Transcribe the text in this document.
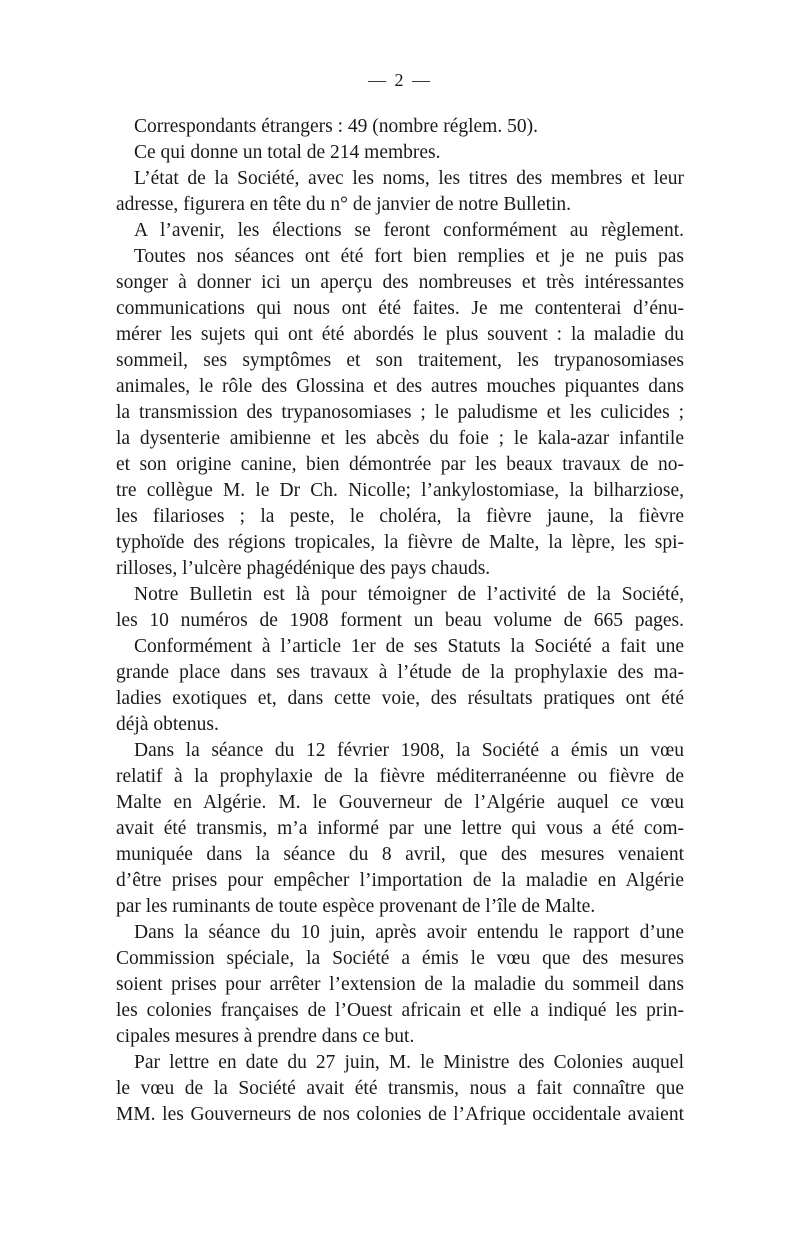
— 2 —
Correspondants étrangers : 49 (nombre réglem. 50).
Ce qui donne un total de 214 membres.
L’état de la Société, avec les noms, les titres des membres et leur
adresse, figurera en tête du n° de janvier de notre Bulletin.
A l’avenir, les élections se feront conformément au règlement.
Toutes nos séances ont été fort bien remplies et je ne puis pas
songer à donner ici un aperçu des nombreuses et très intéressantes
communications qui nous ont été faites. Je me contenterai d’énu-
mérer les sujets qui ont été abordés le plus souvent : la maladie du
sommeil, ses symptômes et son traitement, les trypanosomiases
animales, le rôle des Glossina et des autres mouches piquantes dans
la transmission des trypanosomiases ; le paludisme et les culicides ;
la dysenterie amibienne et les abcès du foie ; le kala-azar infantile
et son origine canine, bien démontrée par les beaux travaux de no-
tre collègue M. le Dr Ch. Nicolle; l’ankylostomiase, la bilharziose,
les filarioses ; la peste, le choléra, la fièvre jaune, la fièvre
typhoïde des régions tropicales, la fièvre de Malte, la lèpre, les spi-
rilloses, l’ulcère phagédénique des pays chauds.
Notre Bulletin est là pour témoigner de l’activité de la Société,
les 10 numéros de 1908 forment un beau volume de 665 pages.
Conformément à l’article 1er de ses Statuts la Société a fait une
grande place dans ses travaux à l’étude de la prophylaxie des ma-
ladies exotiques et, dans cette voie, des résultats pratiques ont été
déjà obtenus.
Dans la séance du 12 février 1908, la Société a émis un vœu
relatif à la prophylaxie de la fièvre méditerranéenne ou fièvre de
Malte en Algérie. M. le Gouverneur de l’Algérie auquel ce vœu
avait été transmis, m’a informé par une lettre qui vous a été com-
muniquée dans la séance du 8 avril, que des mesures venaient
d’être prises pour empêcher l’importation de la maladie en Algérie
par les ruminants de toute espèce provenant de l’île de Malte.
Dans la séance du 10 juin, après avoir entendu le rapport d’une
Commission spéciale, la Société a émis le vœu que des mesures
soient prises pour arrêter l’extension de la maladie du sommeil dans
les colonies françaises de l’Ouest africain et elle a indiqué les prin-
cipales mesures à prendre dans ce but.
Par lettre en date du 27 juin, M. le Ministre des Colonies auquel
le vœu de la Société avait été transmis, nous a fait connaître que
MM. les Gouverneurs de nos colonies de l’Afrique occidentale avaient
